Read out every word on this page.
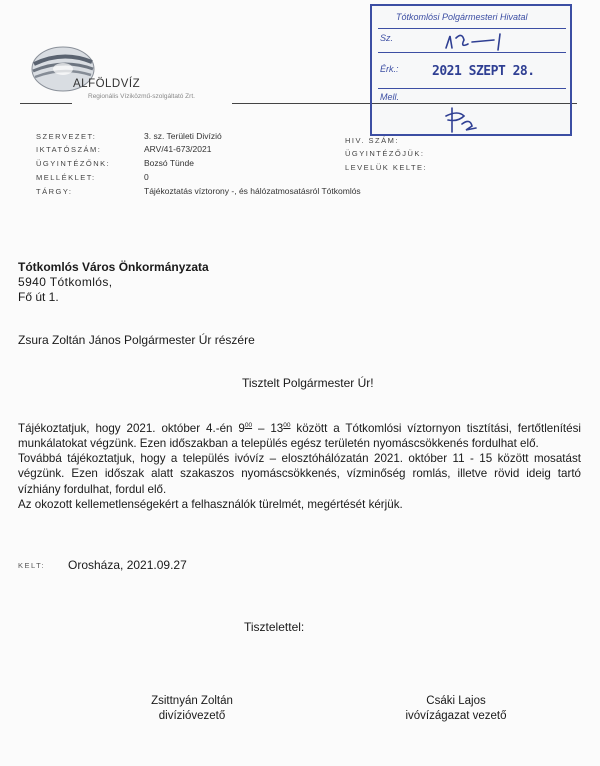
ALFÖLDVÍZ
Regionális Víziközmű-szolgáltató Zrt.
Tótkomlósi Polgármesteri Hivatal
Sz.
Érk.:	2021 SZEPT 28.
Mell.
SZERVEZET:	3. sz. Területi Divízió
IKTATÓSZÁM:	ARV/41-673/2021
ÜGYINTÉZŐNK:	Bozsó Tünde
MELLÉKLET:	0
TÁRGY:	Tájékoztatás víztorony -, és hálózatmosatásról Tótkomlós
HIV. SZÁM:
ÜGYINTÉZŐJÜK:
LEVELÜK KELTE:
Tótkomlós Város Önkormányzata
5940 Tótkomlós,
Fő út 1.
Zsura Zoltán János Polgármester Úr részére
Tisztelt Polgármester Úr!

Tájékoztatjuk, hogy 2021. október 4.-én $9^{00} - 13^{00}$ között a Tótkomlósi víztornyon tisztítási, fertőtlenítési munkálatokat végzünk. Ezen időszakban a település egész területén nyomáscsökkenés fordulhat elő.

Továbbá tájékoztatjuk, hogy a település ivóvíz – elosztóhálózatán 2021. október 11 - 15 között mosatást végzünk. Ezen időszak alatt szakaszos nyomáscsökkenés, vízminőség romlás, illetve rövid ideig tartó vízhiány fordulhat, fordul elő.

Az okozott kellemetlenségekért a felhasználók türelmét, megértését kérjük.

KELT: Orosháza, 2021.09.27
Tisztelettel:
Zsittnyán Zoltán
divízióvezető
Csáki Lajos
ivóvízágazat vezető
